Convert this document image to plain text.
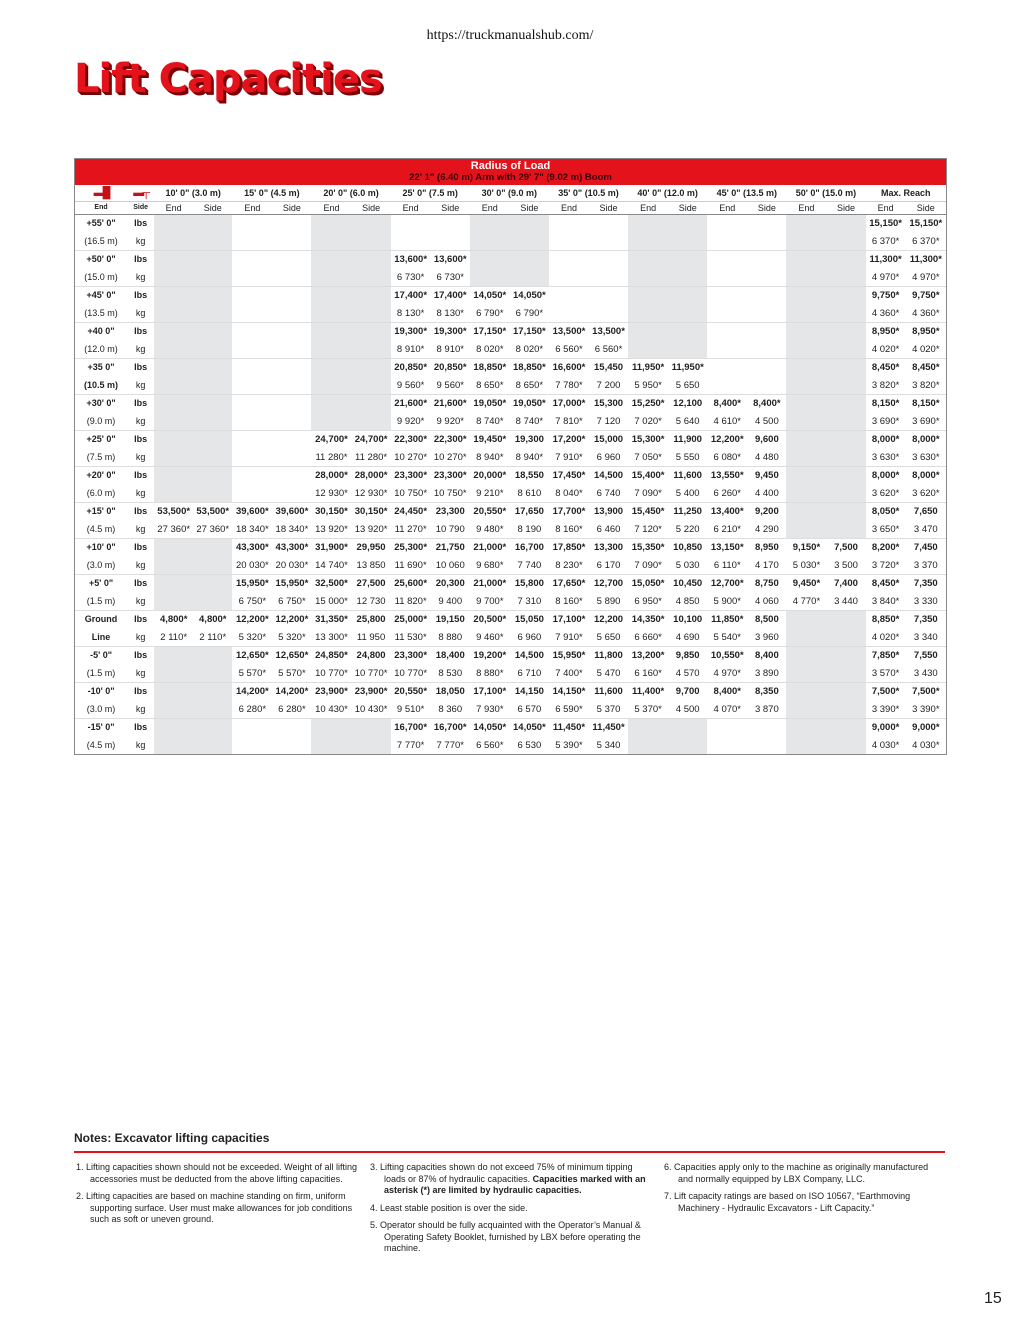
https://truckmanualshub.com/
Lift Capacities
Radius of Load
22' 1" (6.40 m) Arm with 29' 7" (9.02 m) Boom																					

▬█	▬┬	10' 0" (3.0 m)		15' 0" (4.5 m)		20' 0" (6.0 m)		25' 0" (7.5 m)		30' 0" (9.0 m)		35' 0" (10.5 m)		40' 0" (12.0 m)		45' 0" (13.5 m)		50' 0" (15.0 m)		Max. Reach	
End	Side	End	Side	End	Side	End	Side	End	Side	End	Side	End	Side	End	Side	End	Side	End	Side	End	Side
+55' 0"	lbs																			15,150*	15,150*
(16.5 m)	kg																			6 370*	6 370*
+50' 0"	lbs							13,600*	13,600*											11,300*	11,300*
(15.0 m)	kg							6 730*	6 730*											4 970*	4 970*
+45' 0"	lbs							17,400*	17,400*	14,050*	14,050*									9,750*	9,750*
(13.5 m)	kg							8 130*	8 130*	6 790*	6 790*									4 360*	4 360*
+40 0"	lbs							19,300*	19,300*	17,150*	17,150*	13,500*	13,500*							8,950*	8,950*
(12.0 m)	kg							8 910*	8 910*	8 020*	8 020*	6 560*	6 560*							4 020*	4 020*
+35 0"	lbs							20,850*	20,850*	18,850*	18,850*	16,600*	15,450	11,950*	11,950*					8,450*	8,450*
(10.5 m)	kg							9 560*	9 560*	8 650*	8 650*	7 780*	7 200	5 950*	5 650					3 820*	3 820*
+30' 0"	lbs							21,600*	21,600*	19,050*	19,050*	17,000*	15,300	15,250*	12,100	8,400*	8,400*			8,150*	8,150*
(9.0 m)	kg							9 920*	9 920*	8 740*	8 740*	7 810*	7 120	7 020*	5 640	4 610*	4 500			3 690*	3 690*
+25' 0"	lbs					24,700*	24,700*	22,300*	22,300*	19,450*	19,300	17,200*	15,000	15,300*	11,900	12,200*	9,600			8,000*	8,000*
(7.5 m)	kg					11 280*	11 280*	10 270*	10 270*	8 940*	8 940*	7 910*	6 960	7 050*	5 550	6 080*	4 480			3 630*	3 630*
+20' 0"	lbs					28,000*	28,000*	23,300*	23,300*	20,000*	18,550	17,450*	14,500	15,400*	11,600	13,550*	9,450			8,000*	8,000*
(6.0 m)	kg					12 930*	12 930*	10 750*	10 750*	9 210*	8 610	8 040*	6 740	7 090*	5 400	6 260*	4 400			3 620*	3 620*
+15' 0"	lbs	53,500*	53,500*	39,600*	39,600*	30,150*	30,150*	24,450*	23,300	20,550*	17,650	17,700*	13,900	15,450*	11,250	13,400*	9,200			8,050*	7,650
(4.5 m)	kg	27 360*	27 360*	18 340*	18 340*	13 920*	13 920*	11 270*	10 790	9 480*	8 190	8 160*	6 460	7 120*	5 220	6 210*	4 290			3 650*	3 470
+10' 0"	lbs			43,300*	43,300*	31,900*	29,950	25,300*	21,750	21,000*	16,700	17,850*	13,300	15,350*	10,850	13,150*	8,950	9,150*	7,500	8,200*	7,450
(3.0 m)	kg			20 030*	20 030*	14 740*	13 850	11 690*	10 060	9 680*	7 740	8 230*	6 170	7 090*	5 030	6 110*	4 170	5 030*	3 500	3 720*	3 370
+5' 0"	lbs			15,950*	15,950*	32,500*	27,500	25,600*	20,300	21,000*	15,800	17,650*	12,700	15,050*	10,450	12,700*	8,750	9,450*	7,400	8,450*	7,350
(1.5 m)	kg			6 750*	6 750*	15 000*	12 730	11 820*	9 400	9 700*	7 310	8 160*	5 890	6 950*	4 850	5 900*	4 060	4 770*	3 440	3 840*	3 330
Ground	lbs	4,800*	4,800*	12,200*	12,200*	31,350*	25,800	25,000*	19,150	20,500*	15,050	17,100*	12,200	14,350*	10,100	11,850*	8,500			8,850*	7,350
Line	kg	2 110*	2 110*	5 320*	5 320*	13 300*	11 950	11 530*	8 880	9 460*	6 960	7 910*	5 650	6 660*	4 690	5 540*	3 960			4 020*	3 340
-5' 0"	lbs			12,650*	12,650*	24,850*	24,800	23,300*	18,400	19,200*	14,500	15,950*	11,800	13,200*	9,850	10,550*	8,400			7,850*	7,550
(1.5 m)	kg			5 570*	5 570*	10 770*	10 770*	10 770*	8 530	8 880*	6 710	7 400*	5 470	6 160*	4 570	4 970*	3 890			3 570*	3 430
-10' 0"	lbs			14,200*	14,200*	23,900*	23,900*	20,550*	18,050	17,100*	14,150	14,150*	11,600	11,400*	9,700	8,400*	8,350			7,500*	7,500*
(3.0 m)	kg			6 280*	6 280*	10 430*	10 430*	9 510*	8 360	7 930*	6 570	6 590*	5 370	5 370*	4 500	4 070*	3 870			3 390*	3 390*
-15' 0"	lbs							16,700*	16,700*	14,050*	14,050*	11,450*	11,450*							9,000*	9,000*
(4.5 m)	kg							7 770*	7 770*	6 560*	6 530	5 390*	5 340							4 030*	4 030*
Notes: Excavator lifting capacities

1. Lifting capacities shown should not be exceeded. Weight of all lifting accessories must be deducted from the above lifting capacities.

2. Lifting capacities are based on machine standing on firm, uniform supporting surface. User must make allowances for job conditions such as soft or uneven ground.

3. Lifting capacities shown do not exceed 75% of minimum tipping loads or 87% of hydraulic capacities. Capacities marked with an asterisk (*) are limited by hydraulic capacities.

4. Least stable position is over the side.

5. Operator should be fully acquainted with the Operator’s Manual & Operating Safety Booklet, furnished by LBX before operating the machine.

6. Capacities apply only to the machine as originally manufactured and normally equipped by LBX Company, LLC.

7. Lift capacity ratings are based on ISO 10567, “Earthmoving Machinery - Hydraulic Excavators - Lift Capacity.”

15
